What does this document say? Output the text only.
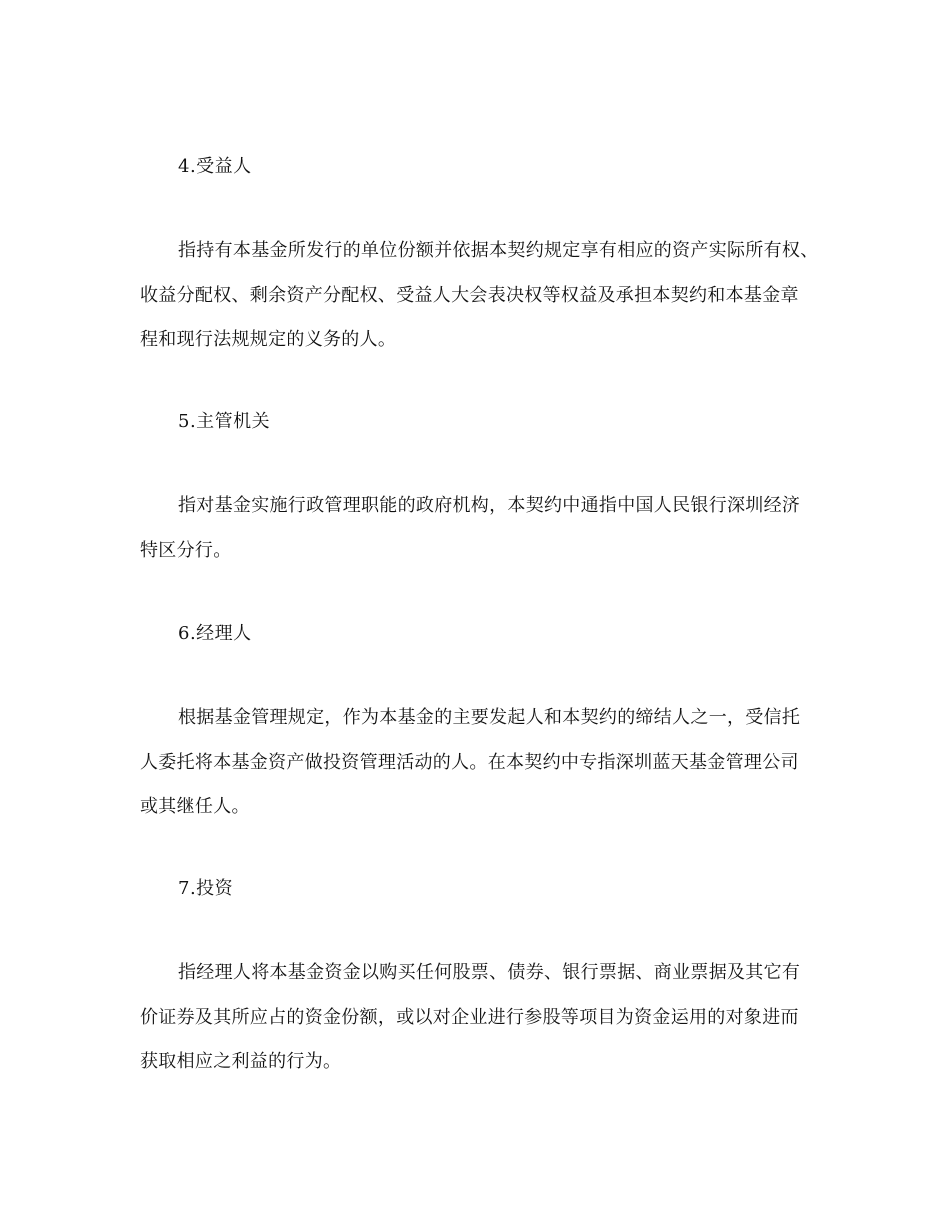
4.受益人
指持有本基金所发行的单位份额并依据本契约规定享有相应的资产实际所有权、
收益分配权、剩余资产分配权、受益人大会表决权等权益及承担本契约和本基金章
程和现行法规规定的义务的人。
5.主管机关
指对基金实施行政管理职能的政府机构，本契约中通指中国人民银行深圳经济
特区分行。
6.经理人
根据基金管理规定，作为本基金的主要发起人和本契约的缔结人之一，受信托
人委托将本基金资产做投资管理活动的人。在本契约中专指深圳蓝天基金管理公司
或其继任人。
7.投资
指经理人将本基金资金以购买任何股票、债券、银行票据、商业票据及其它有
价证券及其所应占的资金份额，或以对企业进行参股等项目为资金运用的对象进而
获取相应之利益的行为。
